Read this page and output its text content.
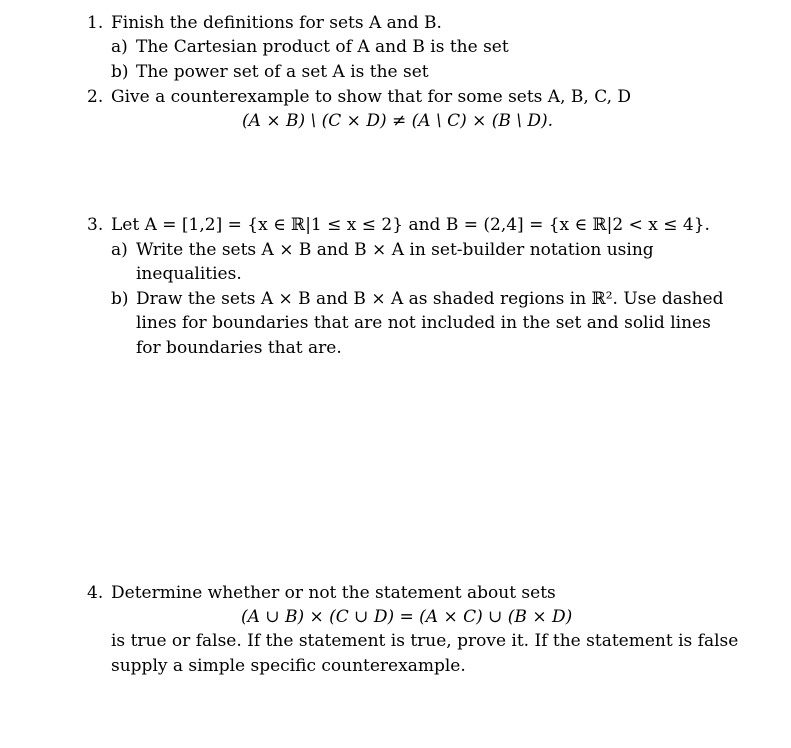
1. Finish the definitions for sets A and B.
a) The Cartesian product of A and B is the set
b) The power set of a set A is the set
2. Give a counterexample to show that for some sets A, B, C, D
(A × B) \ (C × D) ≠ (A \ C) × (B \ D).
3. Let A = [1,2] = {x ∈ ℝ|1 ≤ x ≤ 2} and B = (2,4] = {x ∈ ℝ|2 < x ≤ 4}.
a) Write the sets A × B and B × A in set-builder notation using
inequalities.
b) Draw the sets A × B and B × A as shaded regions in ℝ². Use dashed
lines for boundaries that are not included in the set and solid lines
for boundaries that are.
4. Determine whether or not the statement about sets
(A ∪ B) × (C ∪ D) = (A × C) ∪ (B × D)
is true or false. If the statement is true, prove it. If the statement is false
supply a simple specific counterexample.
